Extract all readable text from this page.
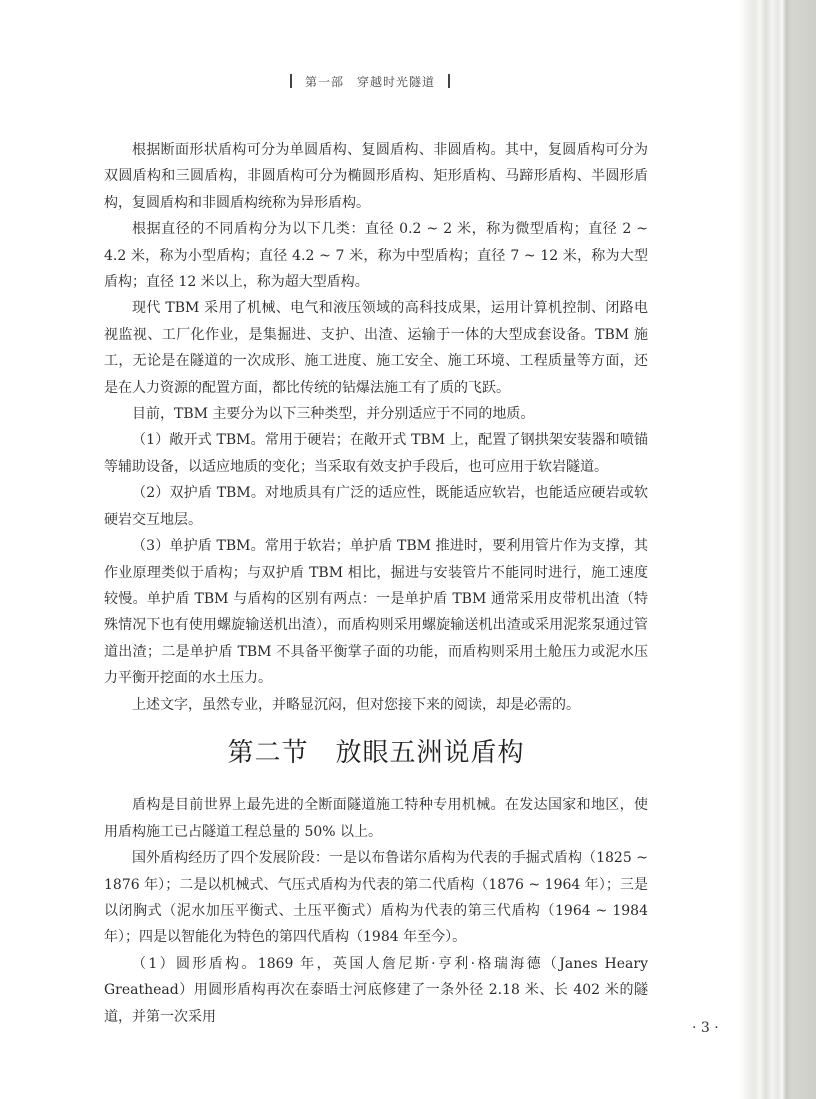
第一部　穿越时光隧道

根据断面形状盾构可分为单圆盾构、复圆盾构、非圆盾构。其中，复圆盾构可分为双圆盾构和三圆盾构，非圆盾构可分为椭圆形盾构、矩形盾构、马蹄形盾构、半圆形盾构，复圆盾构和非圆盾构统称为异形盾构。

根据直径的不同盾构分为以下几类：直径 0.2 ~ 2 米，称为微型盾构；直径 2 ~ 4.2 米，称为小型盾构；直径 4.2 ~ 7 米，称为中型盾构；直径 7 ~ 12 米，称为大型盾构；直径 12 米以上，称为超大型盾构。

现代 TBM 采用了机械、电气和液压领域的高科技成果，运用计算机控制、闭路电视监视、工厂化作业，是集掘进、支护、出渣、运输于一体的大型成套设备。TBM 施工，无论是在隧道的一次成形、施工进度、施工安全、施工环境、工程质量等方面，还是在人力资源的配置方面，都比传统的钻爆法施工有了质的飞跃。

目前，TBM 主要分为以下三种类型，并分别适应于不同的地质。

（1）敞开式 TBM。常用于硬岩；在敞开式 TBM 上，配置了钢拱架安装器和喷锚等辅助设备，以适应地质的变化；当采取有效支护手段后，也可应用于软岩隧道。

（2）双护盾 TBM。对地质具有广泛的适应性，既能适应软岩，也能适应硬岩或软硬岩交互地层。

（3）单护盾 TBM。常用于软岩；单护盾 TBM 推进时，要利用管片作为支撑，其作业原理类似于盾构；与双护盾 TBM 相比，掘进与安装管片不能同时进行，施工速度较慢。单护盾 TBM 与盾构的区别有两点：一是单护盾 TBM 通常采用皮带机出渣（特殊情况下也有使用螺旋输送机出渣），而盾构则采用螺旋输送机出渣或采用泥浆泵通过管道出渣；二是单护盾 TBM 不具备平衡掌子面的功能，而盾构则采用土舱压力或泥水压力平衡开挖面的水土压力。

上述文字，虽然专业，并略显沉闷，但对您接下来的阅读，却是必需的。

第二节　放眼五洲说盾构

盾构是目前世界上最先进的全断面隧道施工特种专用机械。在发达国家和地区，使用盾构施工已占隧道工程总量的 50% 以上。

国外盾构经历了四个发展阶段：一是以布鲁诺尔盾构为代表的手掘式盾构（1825 ~ 1876 年）；二是以机械式、气压式盾构为代表的第二代盾构（1876 ~ 1964 年）；三是以闭胸式（泥水加压平衡式、土压平衡式）盾构为代表的第三代盾构（1964 ~ 1984 年）；四是以智能化为特色的第四代盾构（1984 年至今）。

（1）圆形盾构。1869 年，英国人詹尼斯·亨利·格瑞海德（Janes Heary Greathead）用圆形盾构再次在泰晤士河底修建了一条外径 2.18 米、长 402 米的隧道，并第一次采用

· 3 ·
